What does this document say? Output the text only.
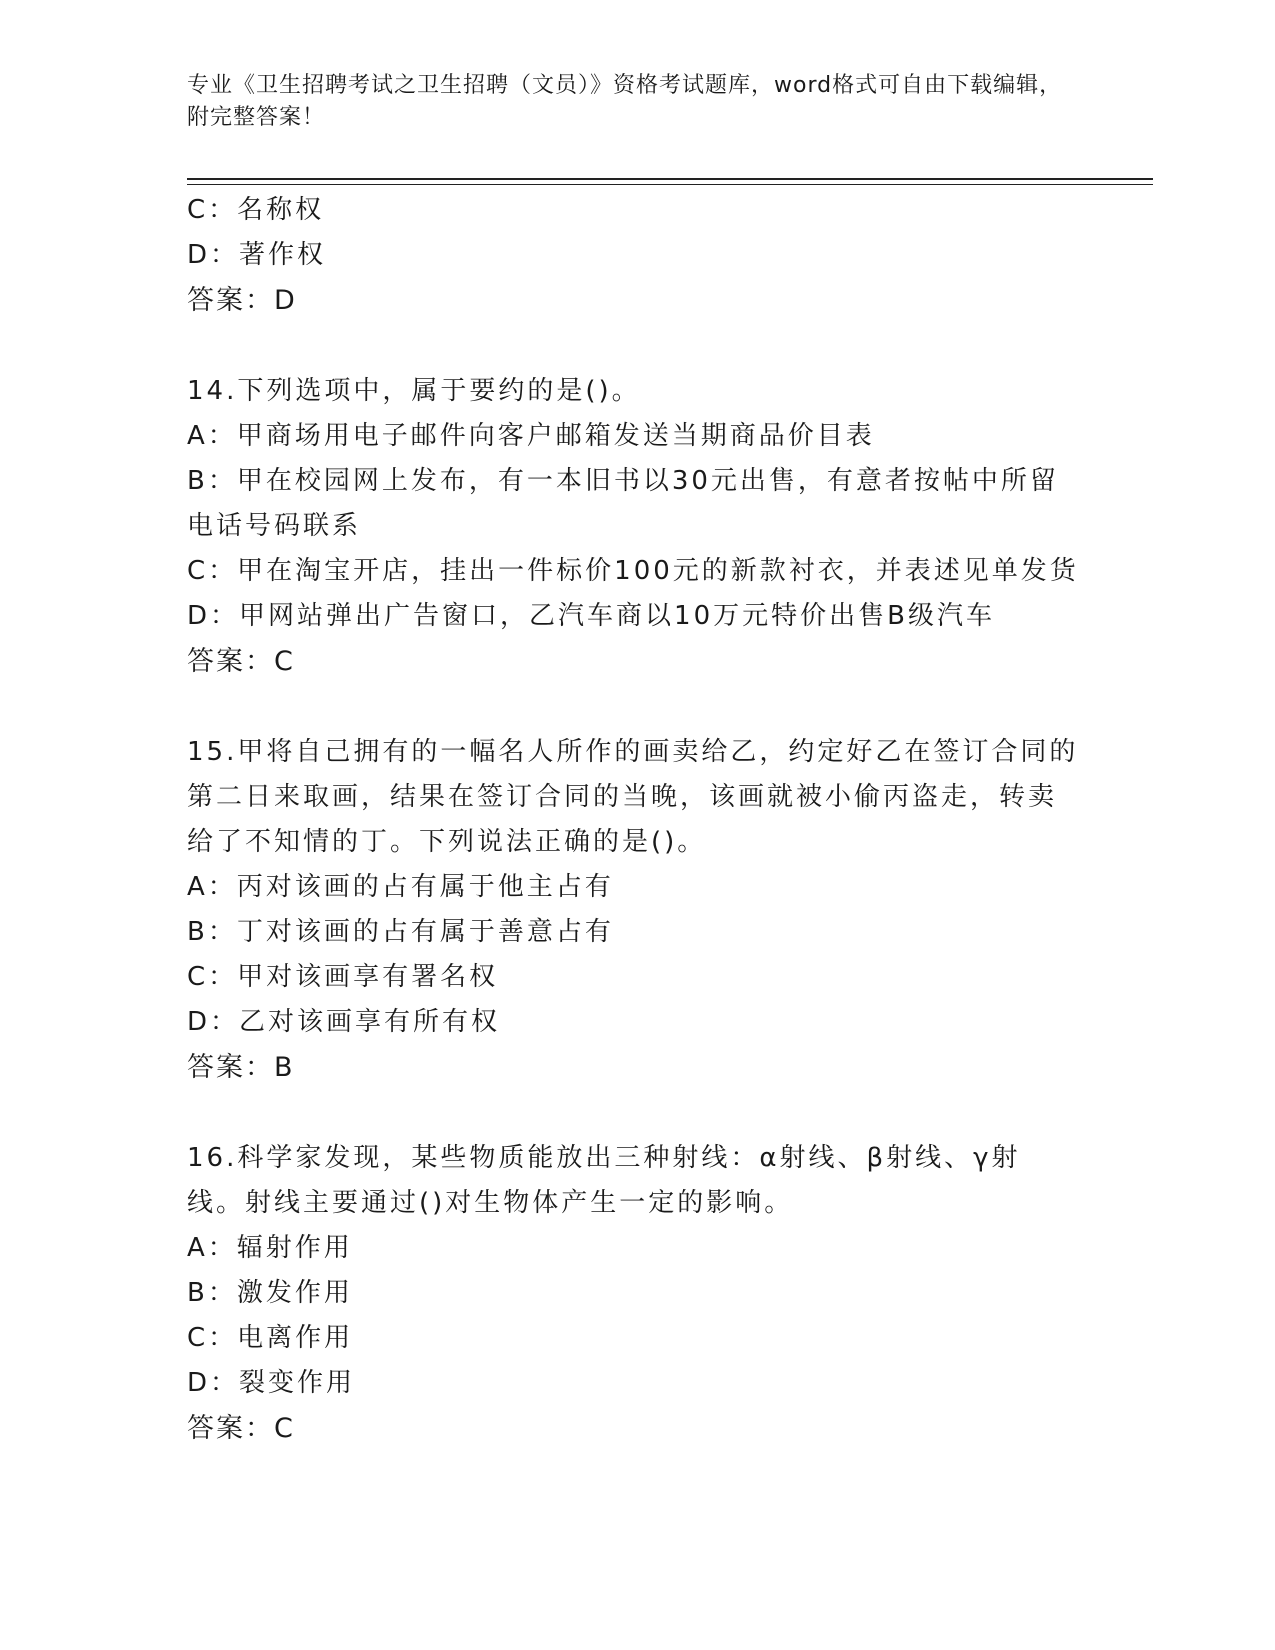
专业《卫生招聘考试之卫生招聘（文员）》资格考试题库，word格式可自由下载编辑，附完整答案！
C：名称权
D：著作权
答案：D
14.下列选项中，属于要约的是()。
A：甲商场用电子邮件向客户邮箱发送当期商品价目表
B：甲在校园网上发布，有一本旧书以30元出售，有意者按帖中所留
电话号码联系
C：甲在淘宝开店，挂出一件标价100元的新款衬衣，并表述见单发货
D：甲网站弹出广告窗口，乙汽车商以10万元特价出售B级汽车
答案：C
15.甲将自己拥有的一幅名人所作的画卖给乙，约定好乙在签订合同的
第二日来取画，结果在签订合同的当晚，该画就被小偷丙盗走，转卖
给了不知情的丁。下列说法正确的是()。
A：丙对该画的占有属于他主占有
B：丁对该画的占有属于善意占有
C：甲对该画享有署名权
D：乙对该画享有所有权
答案：B
16.科学家发现，某些物质能放出三种射线：α射线、β射线、γ射
线。射线主要通过()对生物体产生一定的影响。
A：辐射作用
B：激发作用
C：电离作用
D：裂变作用
答案：C
